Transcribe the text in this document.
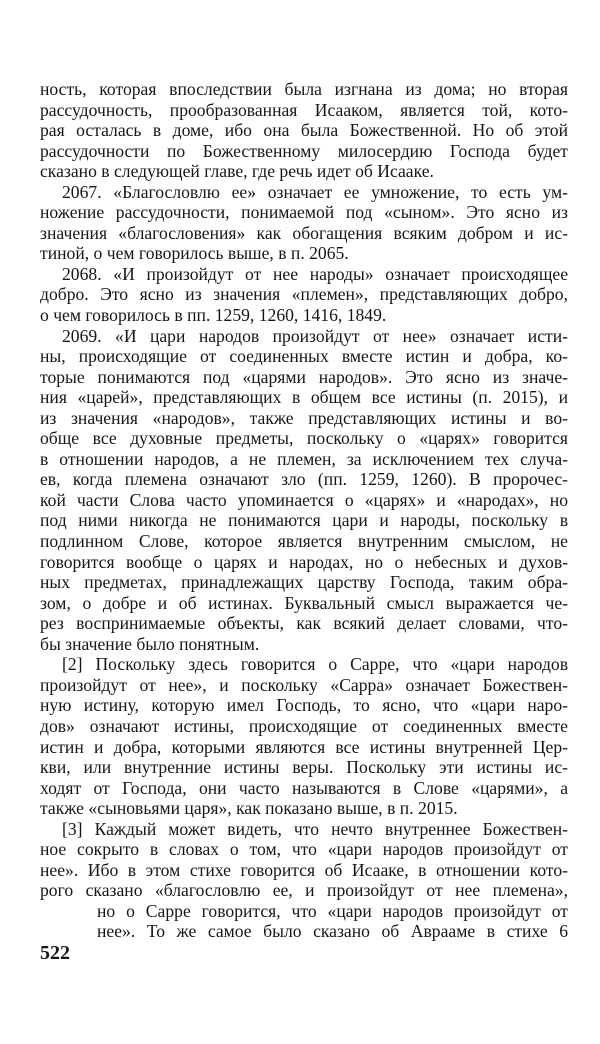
ность, которая впоследствии была изгнана из дома; но вторая
рассудочность, прообразованная Исааком, является той, кото-
рая осталась в доме, ибо она была Божественной. Но об этой
рассудочности по Божественному милосердию Господа будет
сказано в следующей главе, где речь идет об Исааке.
2067. «Благословлю ее» означает ее умножение, то есть ум-
ножение рассудочности, понимаемой под «сыном». Это ясно из
значения «благословения» как обогащения всяким добром и ис-
тиной, о чем говорилось выше, в п. 2065.
2068. «И произойдут от нее народы» означает происходящее
добро. Это ясно из значения «племен», представляющих добро,
о чем говорилось в пп. 1259, 1260, 1416, 1849.
2069. «И цари народов произойдут от нее» означает исти-
ны, происходящие от соединенных вместе истин и добра, ко-
торые понимаются под «царями народов». Это ясно из значе-
ния «царей», представляющих в общем все истины (п. 2015), и
из значения «народов», также представляющих истины и во-
обще все духовные предметы, поскольку о «царях» говорится
в отношении народов, а не племен, за исключением тех случа-
ев, когда племена означают зло (пп. 1259, 1260). В пророчес-
кой части Слова часто упоминается о «царях» и «народах», но
под ними никогда не понимаются цари и народы, поскольку в
подлинном Слове, которое является внутренним смыслом, не
говорится вообще о царях и народах, но о небесных и духов-
ных предметах, принадлежащих царству Господа, таким обра-
зом, о добре и об истинах. Буквальный смысл выражается че-
рез воспринимаемые объекты, как всякий делает словами, что-
бы значение было понятным.
[2] Поскольку здесь говорится о Сарре, что «цари народов
произойдут от нее», и поскольку «Сарра» означает Божествен-
ную истину, которую имел Господь, то ясно, что «цари наро-
дов» означают истины, происходящие от соединенных вместе
истин и добра, которыми являются все истины внутренней Цер-
кви, или внутренние истины веры. Поскольку эти истины ис-
ходят от Господа, они часто называются в Слове «царями», а
также «сыновьями царя», как показано выше, в п. 2015.
[3] Каждый может видеть, что нечто внутреннее Божествен-
ное сокрыто в словах о том, что «цари народов произойдут от
нее». Ибо в этом стихе говорится об Исааке, в отношении кото-
рого сказано «благословлю ее, и произойдут от нее племена»,
но о Сарре говорится, что «цари народов произойдут от
нее». То же самое было сказано об Аврааме в стихе 6
522
